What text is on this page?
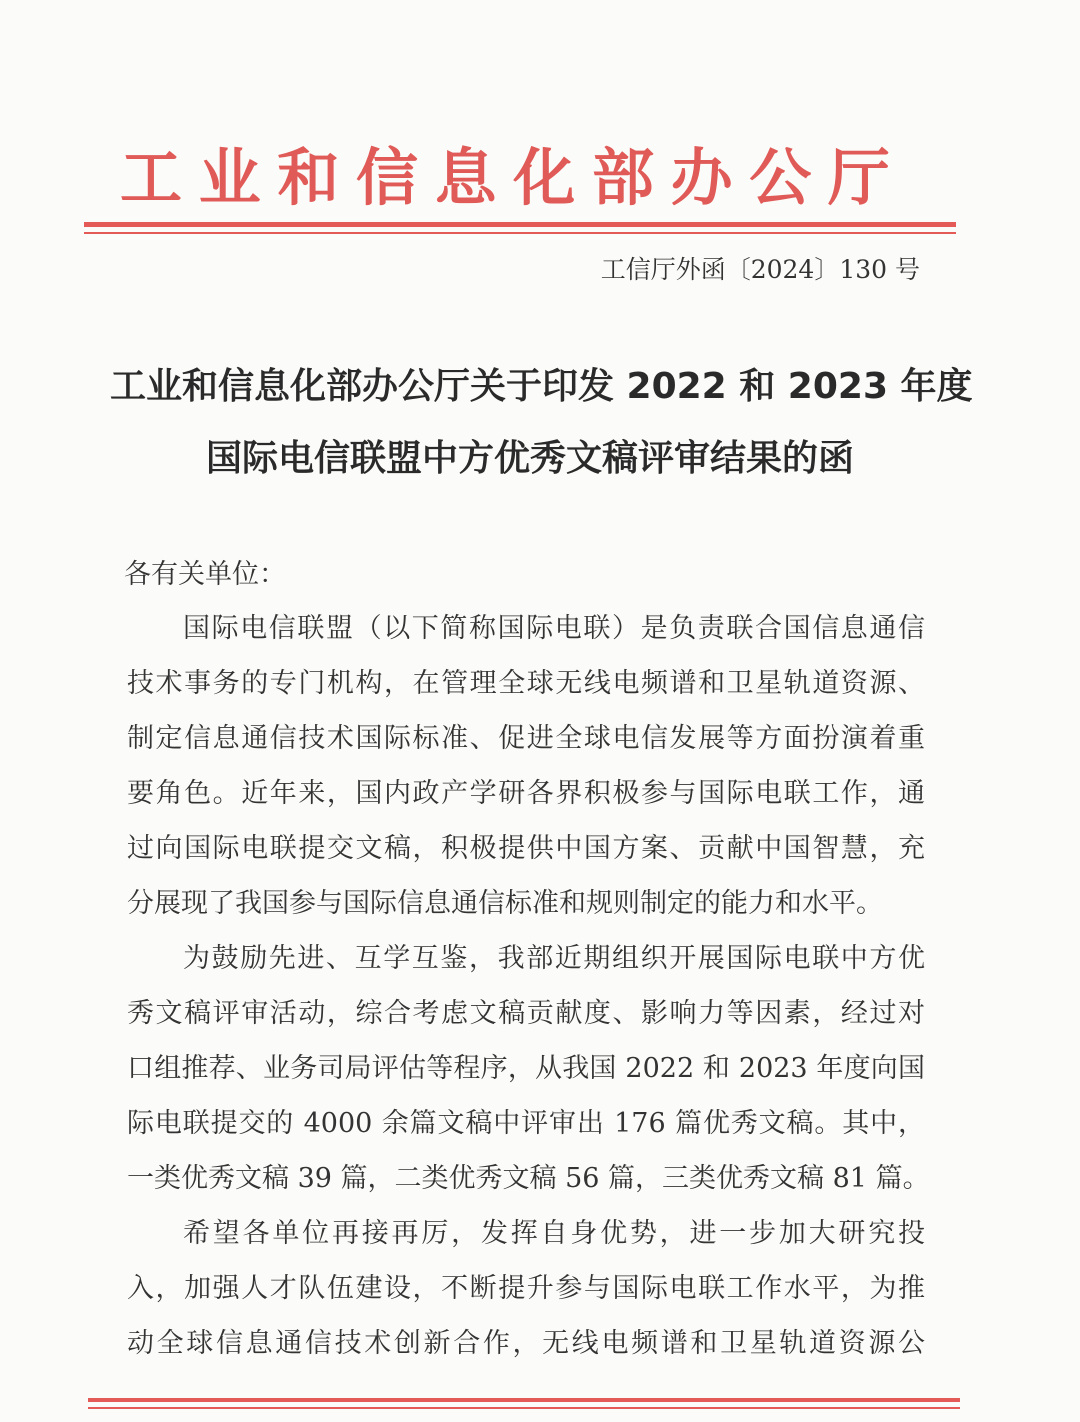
工 业 和 信 息 化 部 办 公 厅
工信厅外函〔2024〕130 号
工业和信息化部办公厅关于印发 2022 和 2023 年度
国际电信联盟中方优秀文稿评审结果的函
各有关单位：
国际电信联盟（以下简称国际电联）是负责联合国信息通信
技术事务的专门机构，在管理全球无线电频谱和卫星轨道资源、
制定信息通信技术国际标准、促进全球电信发展等方面扮演着重
要角色。近年来，国内政产学研各界积极参与国际电联工作，通
过向国际电联提交文稿，积极提供中国方案、贡献中国智慧，充
分展现了我国参与国际信息通信标准和规则制定的能力和水平。
为鼓励先进、互学互鉴，我部近期组织开展国际电联中方优
秀文稿评审活动，综合考虑文稿贡献度、影响力等因素，经过对
口组推荐、业务司局评估等程序，从我国 2022 和 2023 年度向国
际电联提交的 4000 余篇文稿中评审出 176 篇优秀文稿。其中，
一类优秀文稿 39 篇，二类优秀文稿 56 篇，三类优秀文稿 81 篇。
希望各单位再接再厉，发挥自身优势，进一步加大研究投
入，加强人才队伍建设，不断提升参与国际电联工作水平，为推
动全球信息通信技术创新合作，无线电频谱和卫星轨道资源公
